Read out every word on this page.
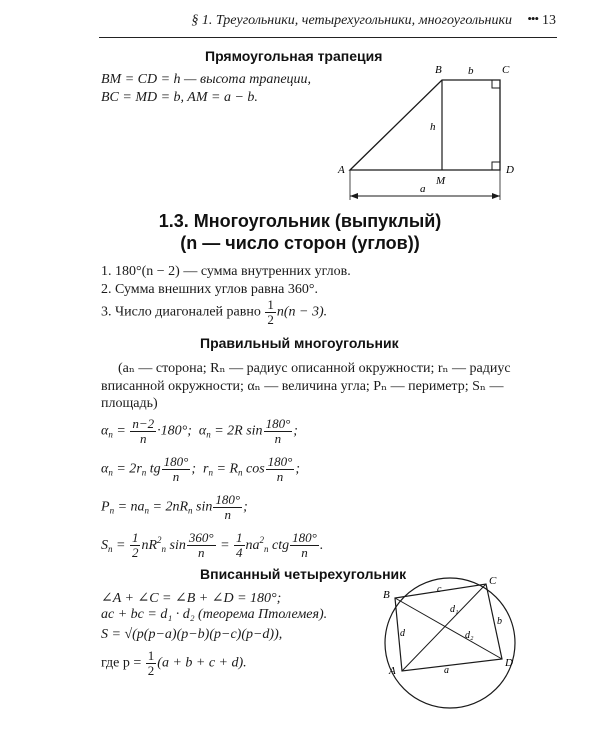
§ 1. Треугольники, четырехугольники, многоугольники ••• 13
Прямоугольная трапеция
BM = CD = h — высота трапеции,
BC = MD = b, AM = a − b.
A
B	C
D
M
h
b
a
1.3. Многоугольник (выпуклый)
(n — число сторон (углов))
1. 180°(n − 2) — сумма внутренних углов.
2. Сумма внешних углов равна 360°.
3. Число диагоналей равно $\frac{1}{2} n(n - 3)$.
Правильный многоугольник
(aₙ — сторона; Rₙ — радиус описанной окружности; rₙ — радиус
вписанной окружности; αₙ — величина угла; Pₙ — периметр; Sₙ —
площадь)
$\alpha_n = \frac{n-2}{n} \cdot 180^\circ$;  $\alpha_n = 2R$ $\sin \frac{180^\circ}{n}$ ;
$\alpha_n = 2r_n$ tg $\frac{180^\circ}{n}$ ;  $r_n = R_n$ $\cos \frac{180^\circ}{n}$ ;
$P_n = na_n = 2nR_n$ $\sin \frac{180^\circ}{n}$ ;
$S_n = \frac{1}{2} nR^2_n$ $\sin \frac{360^\circ}{n} = \frac{1}{4} na^2_n$ ctg $\frac{180^\circ}{n}$ .
Вписанный четырехугольник
∠A + ∠C = ∠B + ∠D = 180°;
ac + bc = d₁ · d₂ (теорема Птолемея).
S = √(p(p−a)(p−b)(p−c)(p−d)),
где $p = \frac{1}{2} (a + b + c + d)$.
B
C
A
D
c
b
d
a
d₁
d₂
